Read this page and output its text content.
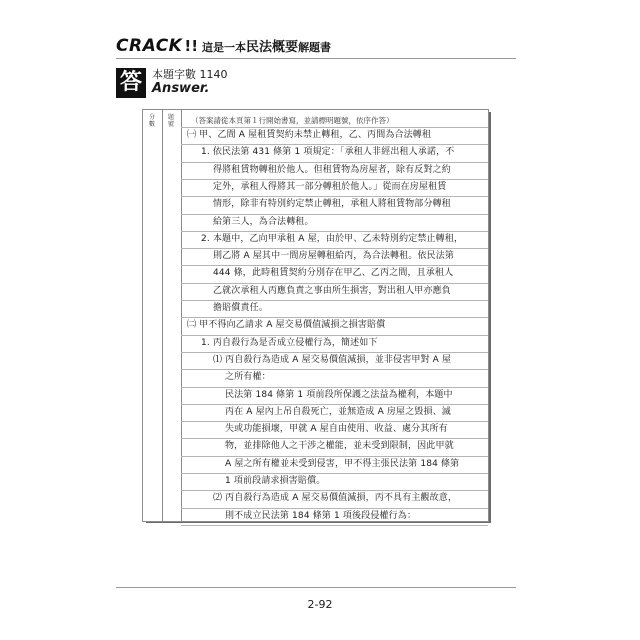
CRACK !! 這是一本民法概要解題書
答 本題字數 1140
Answer.
分數
題號 （答案請從本頁第１行開始書寫，並請標明題號，依序作答）
㈠ 甲、乙間 A 屋租賃契約未禁止轉租，乙、丙間為合法轉租
1. 依民法第 431 條第 1 項規定：「承租人非經出租人承諾，不
得將租賃物轉租於他人。但租賃物為房屋者，除有反對之約
定外，承租人得將其一部分轉租於他人。」從而在房屋租賃
情形，除非有特別約定禁止轉租，承租人將租賃物部分轉租
給第三人，為合法轉租。
2. 本題中，乙向甲承租 A 屋，由於甲、乙未特別約定禁止轉租，
則乙將 A 屋其中一間房屋轉租給丙，為合法轉租。依民法第
444 條，此時租賃契約分別存在甲乙、乙丙之間，且承租人
乙就次承租人丙應負責之事由所生損害，對出租人甲亦應負
擔賠償責任。
㈡ 甲不得向乙請求 A 屋交易價值減損之損害賠償
1. 丙自殺行為是否成立侵權行為，簡述如下
⑴ 丙自殺行為造成 A 屋交易價值減損，並非侵害甲對 A 屋
之所有權：
民法第 184 條第 1 項前段所保護之法益為權利，本題中
丙在 A 屋內上吊自殺死亡，並無造成 A 房屋之毀損、滅
失或功能損壞，甲就 A 屋自由使用、收益、處分其所有
物，並排除他人之干涉之權能，並未受到限制，因此甲就
A 屋之所有權並未受到侵害，甲不得主張民法第 184 條第
1 項前段請求損害賠償。
⑵ 丙自殺行為造成 A 屋交易價值減損，丙不具有主觀故意，
則不成立民法第 184 條第 1 項後段侵權行為：
2-92
